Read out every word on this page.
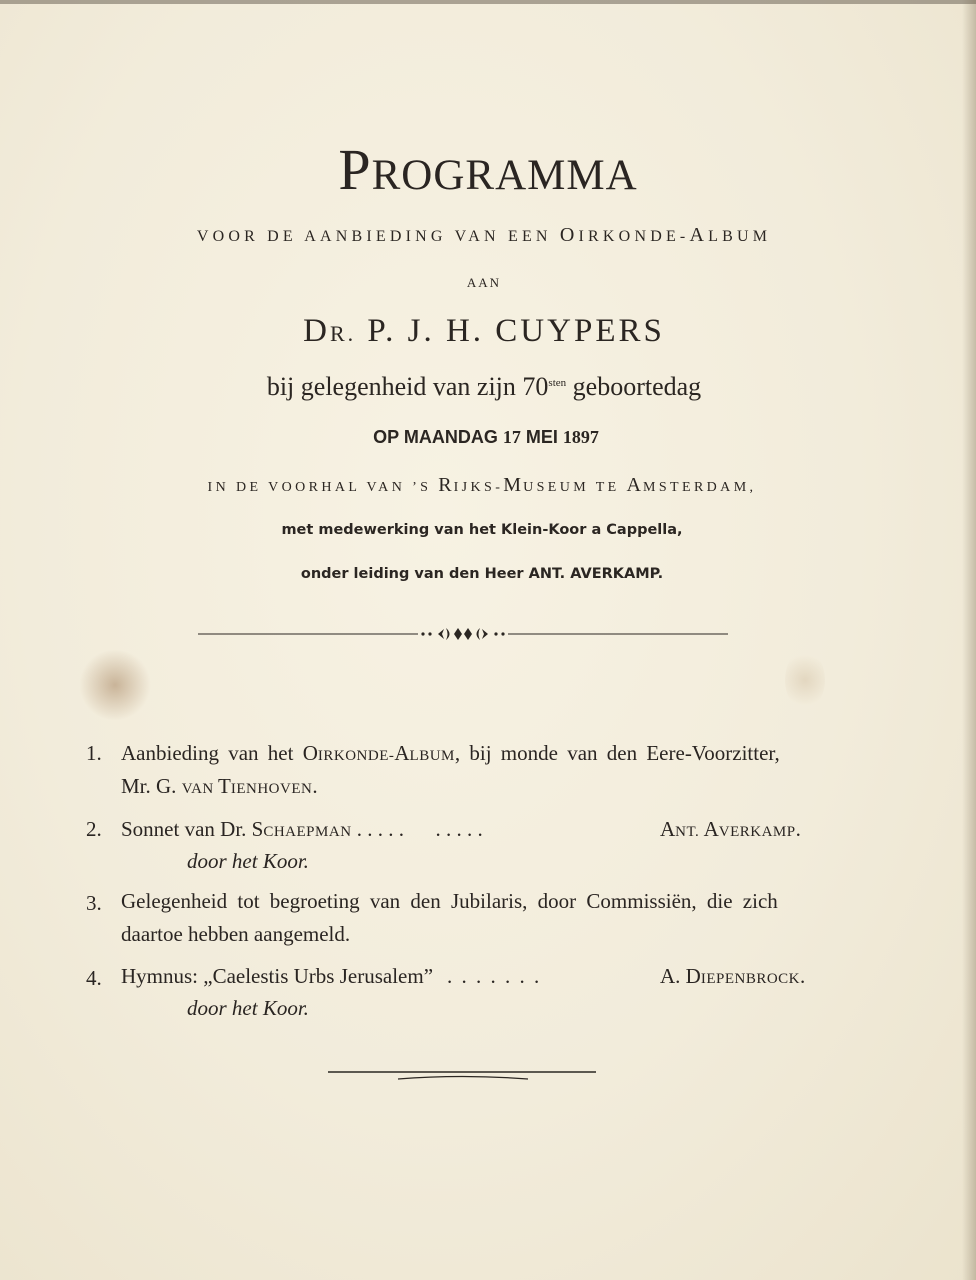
PROGRAMMA
VOOR DE AANBIEDING VAN EEN OIRKONDE-ALBUM
AAN
DR. P. J. H. CUYPERS
bij gelegenheid van zijn $70^{sten}$ geboortedag
OP MAANDAG 17 MEI 1897
IN DE VOORHAL VAN ’S RIJKS-MUSEUM TE AMSTERDAM,
met medewerking van het Klein-Koor a Cappella,
onder leiding van den Heer ANT. AVERKAMP.
1. Aanbieding van het OIRKONDE-ALBUM, bij monde van den Eere-Voorzitter,
Mr. G. VAN TIENHOVEN.
2. Sonnet van Dr. SCHAEPMAN . . . . .      . . . . .	ANT. AVERKAMP.
door het Koor.
3. Gelegenheid tot begroeting van den Jubilaris, door Commissiën, die zich
daartoe hebben aangemeld.
4. Hymnus: „Caelestis Urbs Jerusalem” . . . . . . .	A. DIEPENBROCK.
door het Koor.
